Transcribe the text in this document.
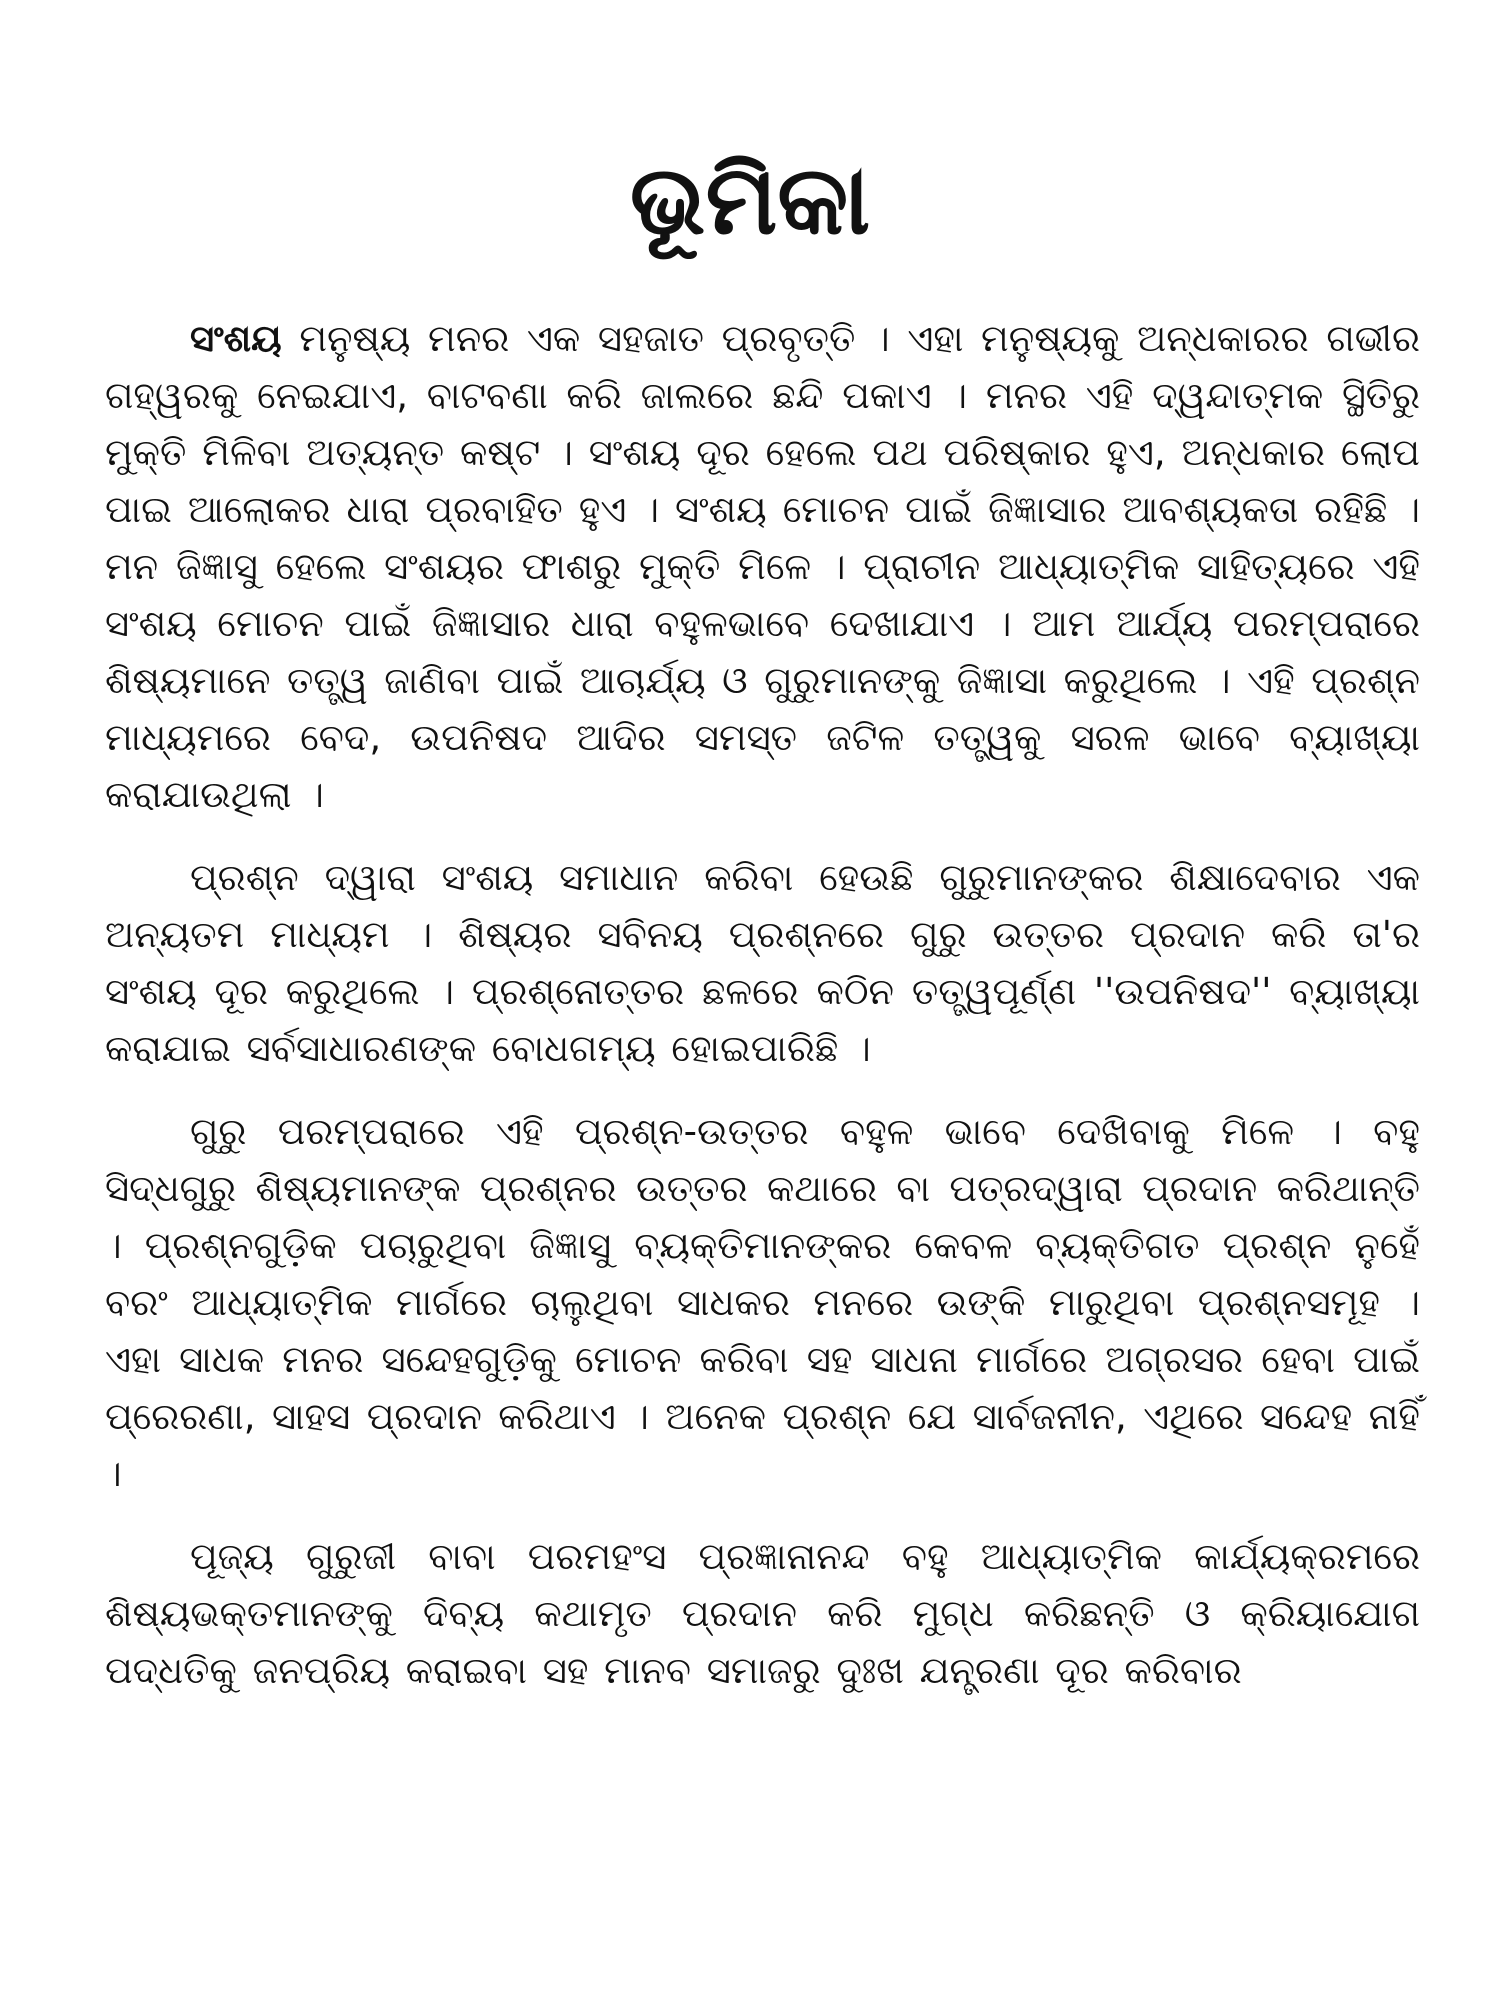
ଭୂମିକା

ସଂଶୟ ମନୁଷ୍ୟ ମନର ଏକ ସହଜାତ ପ୍ରବୃତ୍ତି । ଏହା ମନୁଷ୍ୟକୁ ଅନ୍ଧକାରର ଗଭୀର ଗହ୍ୱରକୁ ନେଇଯାଏ, ବାଟବଣା କରି ଜାଲରେ ଛନ୍ଦି ପକାଏ । ମନର ଏହି ଦ୍ୱନ୍ଦାତ୍ମକ ସ୍ଥିତିରୁ ମୁକ୍ତି ମିଳିବା ଅତ୍ୟନ୍ତ କଷ୍ଟ । ସଂଶୟ ଦୂର ହେଲେ ପଥ ପରିଷ୍କାର ହୁଏ, ଅନ୍ଧକାର ଲୋପ ପାଇ ଆଲୋକର ଧାରା ପ୍ରବାହିତ ହୁଏ । ସଂଶୟ ମୋଚନ ପାଇଁ ଜିଜ୍ଞାସାର ଆବଶ୍ୟକତା ରହିଛି । ମନ ଜିଜ୍ଞାସୁ ହେଲେ ସଂଶୟର ଫାଶରୁ ମୁକ୍ତି ମିଳେ । ପ୍ରାଚୀନ ଆଧ୍ୟାତ୍ମିକ ସାହିତ୍ୟରେ ଏହି ସଂଶୟ ମୋଚନ ପାଇଁ ଜିଜ୍ଞାସାର ଧାରା ବହୁଳଭାବେ ଦେଖାଯାଏ । ଆମ ଆର୍ଯ୍ୟ ପରମ୍ପରାରେ ଶିଷ୍ୟମାନେ ତତ୍ତ୍ୱ ଜାଣିବା ପାଇଁ ଆଚାର୍ଯ୍ୟ ଓ ଗୁରୁମାନଙ୍କୁ ଜିଜ୍ଞାସା କରୁଥିଲେ । ଏହି ପ୍ରଶ୍ନ ମାଧ୍ୟମରେ ବେଦ, ଉପନିଷଦ ଆଦିର ସମସ୍ତ ଜଟିଳ ତତ୍ତ୍ୱକୁ ସରଳ ଭାବେ ବ୍ୟାଖ୍ୟା କରାଯାଉଥିଲା ।

ପ୍ରଶ୍ନ ଦ୍ୱାରା ସଂଶୟ ସମାଧାନ କରିବା ହେଉଛି ଗୁରୁମାନଙ୍କର ଶିକ୍ଷାଦେବାର ଏକ ଅନ୍ୟତମ ମାଧ୍ୟମ । ଶିଷ୍ୟର ସବିନୟ ପ୍ରଶ୍ନରେ ଗୁରୁ ଉତ୍ତର ପ୍ରଦାନ କରି ତା'ର ସଂଶୟ ଦୂର କରୁଥିଲେ । ପ୍ରଶ୍ନୋତ୍ତର ଛଳରେ କଠିନ ତତ୍ତ୍ୱପୂର୍ଣ୍ଣ ''ଉପନିଷଦ'' ବ୍ୟାଖ୍ୟା କରାଯାଇ ସର୍ବସାଧାରଣଙ୍କ ବୋଧଗମ୍ୟ ହୋଇପାରିଛି ।

ଗୁରୁ ପରମ୍ପରାରେ ଏହି ପ୍ରଶ୍ନ-ଉତ୍ତର ବହୁଳ ଭାବେ ଦେଖିବାକୁ ମିଳେ । ବହୁ ସିଦ୍ଧଗୁରୁ ଶିଷ୍ୟମାନଙ୍କ ପ୍ରଶ୍ନର ଉତ୍ତର କଥାରେ ବା ପତ୍ରଦ୍ୱାରା ପ୍ରଦାନ କରିଥାନ୍ତି । ପ୍ରଶ୍ନଗୁଡ଼ିକ ପଚାରୁଥିବା ଜିଜ୍ଞାସୁ ବ୍ୟକ୍ତିମାନଙ୍କର କେବଳ ବ୍ୟକ୍ତିଗତ ପ୍ରଶ୍ନ ନୁହେଁ ବରଂ ଆଧ୍ୟାତ୍ମିକ ମାର୍ଗରେ ଚାଲୁଥିବା ସାଧକର ମନରେ ଉଙ୍କି ମାରୁଥିବା ପ୍ରଶ୍ନସମୂହ । ଏହା ସାଧକ ମନର ସନ୍ଦେହଗୁଡ଼ିକୁ ମୋଚନ କରିବା ସହ ସାଧନା ମାର୍ଗରେ ଅଗ୍ରସର ହେବା ପାଇଁ ପ୍ରେରଣା, ସାହସ ପ୍ରଦାନ କରିଥାଏ । ଅନେକ ପ୍ରଶ୍ନ ଯେ ସାର୍ବଜନୀନ, ଏଥିରେ ସନ୍ଦେହ ନାହିଁ ।

ପୂଜ୍ୟ ଗୁରୁଜୀ ବାବା ପରମହଂସ ପ୍ରଜ୍ଞାନାନନ୍ଦ ବହୁ ଆଧ୍ୟାତ୍ମିକ କାର୍ଯ୍ୟକ୍ରମରେ ଶିଷ୍ୟଭକ୍ତମାନଙ୍କୁ ଦିବ୍ୟ କଥାମୃତ ପ୍ରଦାନ କରି ମୁଗ୍ଧ କରିଛନ୍ତି ଓ କ୍ରିୟାଯୋଗ ପଦ୍ଧତିକୁ ଜନପ୍ରିୟ କରାଇବା ସହ ମାନବ ସମାଜରୁ ଦୁଃଖ ଯନ୍ତ୍ରଣା ଦୂର କରିବାର
